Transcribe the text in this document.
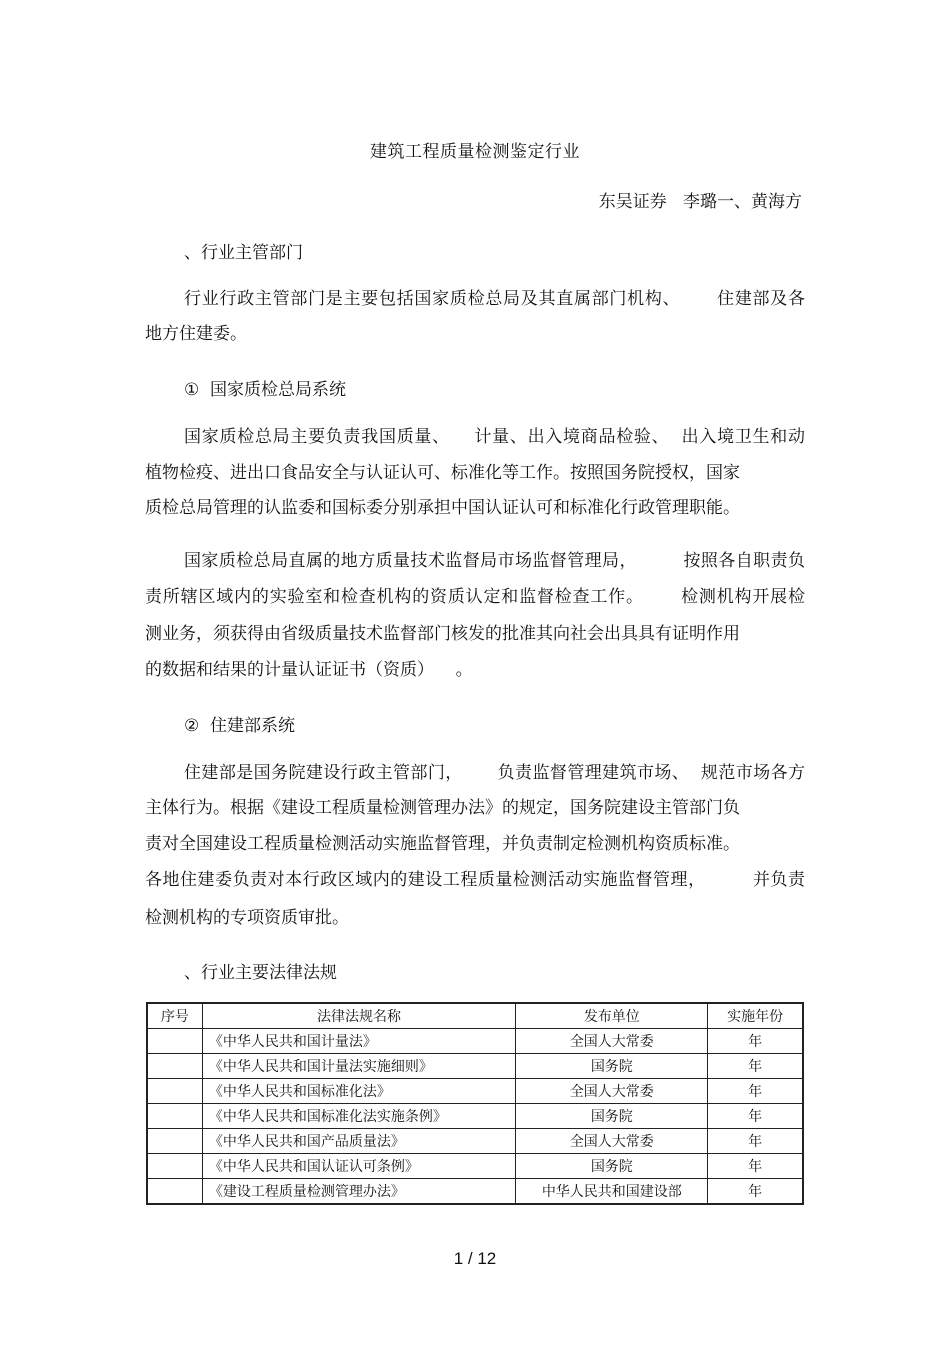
建筑工程质量检测鉴定行业
东吴证券   李璐一、黄海方
、行业主管部门
行业行政主管部门是主要包括国家质检总局及其直属部门机构、      住建部及各
地方住建委。
①  国家质检总局系统
国家质检总局主要负责我国质量、    计量、出入境商品检验、  出入境卫生和动
植物检疫、进出口食品安全与认证认可、标准化等工作。按照国务院授权，国家
质检总局管理的认监委和国标委分别承担中国认证认可和标准化行政管理职能。
国家质检总局直属的地方质量技术监督局市场监督管理局，        按照各自职责负
责所辖区域内的实验室和检查机构的资质认定和监督检查工作。      检测机构开展检
测业务，须获得由省级质量技术监督部门核发的批准其向社会出具具有证明作用
的数据和结果的计量认证证书（资质）    。
②  住建部系统
住建部是国务院建设行政主管部门，      负责监督管理建筑市场、  规范市场各方
主体行为。根据《建设工程质量检测管理办法》的规定，国务院建设主管部门负
责对全国建设工程质量检测活动实施监督管理，并负责制定检测机构资质标准。
各地住建委负责对本行政区域内的建设工程质量检测活动实施监督管理，        并负责
检测机构的专项资质审批。
、行业主要法律法规
序号	法律法规名称	发布单位	实施年份
	《中华人民共和国计量法》	全国人大常委	年
	《中华人民共和国计量法实施细则》	国务院	年
	《中华人民共和国标准化法》	全国人大常委	年
	《中华人民共和国标准化法实施条例》	国务院	年
	《中华人民共和国产品质量法》	全国人大常委	年
	《中华人民共和国认证认可条例》	国务院	年
	《建设工程质量检测管理办法》	中华人民共和国建设部	年
1 / 12
